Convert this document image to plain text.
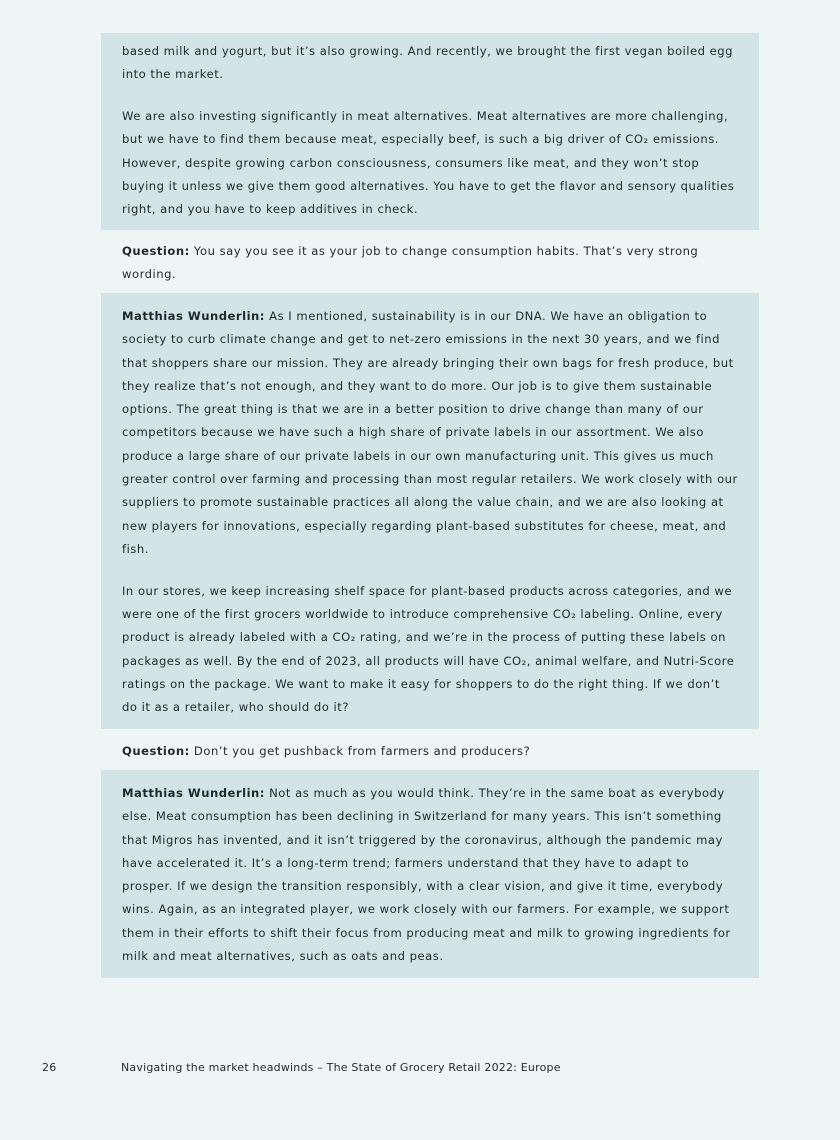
based milk and yogurt, but it’s also growing. And recently, we brought the first vegan boiled egg into the market.

We are also investing significantly in meat alternatives. Meat alternatives are more challenging, but we have to find them because meat, especially beef, is such a big driver of CO₂ emissions. However, despite growing carbon consciousness, consumers like meat, and they won’t stop buying it unless we give them good alternatives. You have to get the flavor and sensory qualities right, and you have to keep additives in check.

Question: You say you see it as your job to change consumption habits. That’s very strong wording.

Matthias Wunderlin: As I mentioned, sustainability is in our DNA. We have an obligation to society to curb climate change and get to net-zero emissions in the next 30 years, and we find that shoppers share our mission. They are already bringing their own bags for fresh produce, but they realize that’s not enough, and they want to do more. Our job is to give them sustainable options. The great thing is that we are in a better position to drive change than many of our competitors because we have such a high share of private labels in our assortment. We also produce a large share of our private labels in our own manufacturing unit. This gives us much greater control over farming and processing than most regular retailers. We work closely with our suppliers to promote sustainable practices all along the value chain, and we are also looking at new players for innovations, especially regarding plant-based substitutes for cheese, meat, and fish.

In our stores, we keep increasing shelf space for plant-based products across categories, and we were one of the first grocers worldwide to introduce comprehensive CO₂ labeling. Online, every product is already labeled with a CO₂ rating, and we’re in the process of putting these labels on packages as well. By the end of 2023, all products will have CO₂, animal welfare, and Nutri-Score ratings on the package. We want to make it easy for shoppers to do the right thing. If we don’t do it as a retailer, who should do it?

Question: Don’t you get pushback from farmers and producers?

Matthias Wunderlin: Not as much as you would think. They’re in the same boat as everybody else. Meat consumption has been declining in Switzerland for many years. This isn’t something that Migros has invented, and it isn’t triggered by the coronavirus, although the pandemic may have accelerated it. It’s a long-term trend; farmers understand that they have to adapt to prosper. If we design the transition responsibly, with a clear vision, and give it time, everybody wins. Again, as an integrated player, we work closely with our farmers. For example, we support them in their efforts to shift their focus from producing meat and milk to growing ingredients for milk and meat alternatives, such as oats and peas.

26	Navigating the market headwinds – The State of Grocery Retail 2022: Europe
